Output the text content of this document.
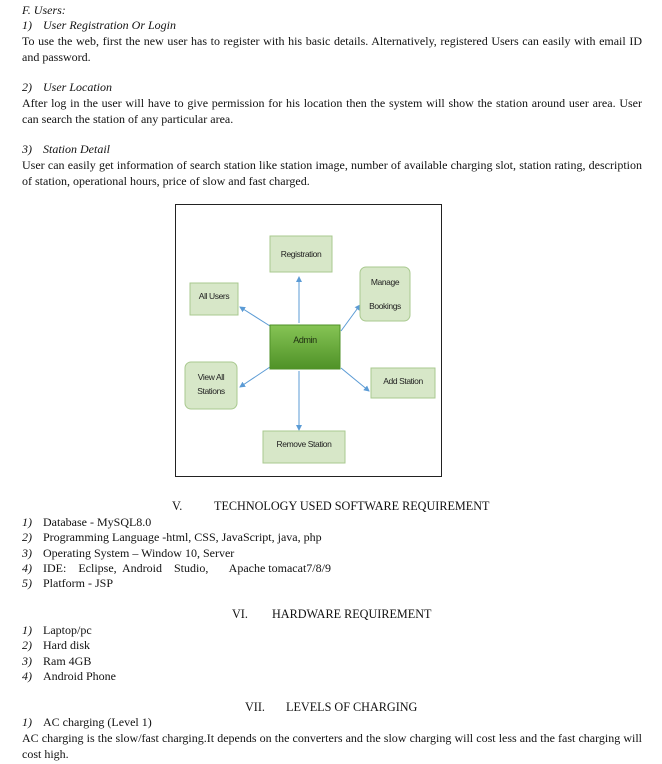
F. Users:
1) User Registration Or Login
To use the web, first the new user has to register with his basic details. Alternatively, registered Users can easily with email ID and password.
2) User Location
After log in the user will have to give permission for his location then the system will show the station around user area. User can search the station of any particular area.
3) Station Detail
User can easily get information of search station like station image, number of available charging slot, station rating, description of station, operational hours, price of slow and fast charged.
Registration
Manage
Bookings
All Users
Admin
View All
Stations
Add Station
Remove Station
V.	TECHNOLOGY USED SOFTWARE REQUIREMENT
1) Database - MySQL8.0
2) Programming Language -html, CSS, JavaScript, java, php
3) Operating System – Window 10, Server
4) IDE:    Eclipse,  Android    Studio,       Apache tomacat7/8/9
5) Platform - JSP
VI. HARDWARE REQUIREMENT
1) Laptop/pc
2) Hard disk
3) Ram 4GB
4) Android Phone
VII. LEVELS OF CHARGING
1) AC charging (Level 1)
AC charging is the slow/fast charging.It depends on the converters and the slow charging will cost less and the fast charging will cost high.
